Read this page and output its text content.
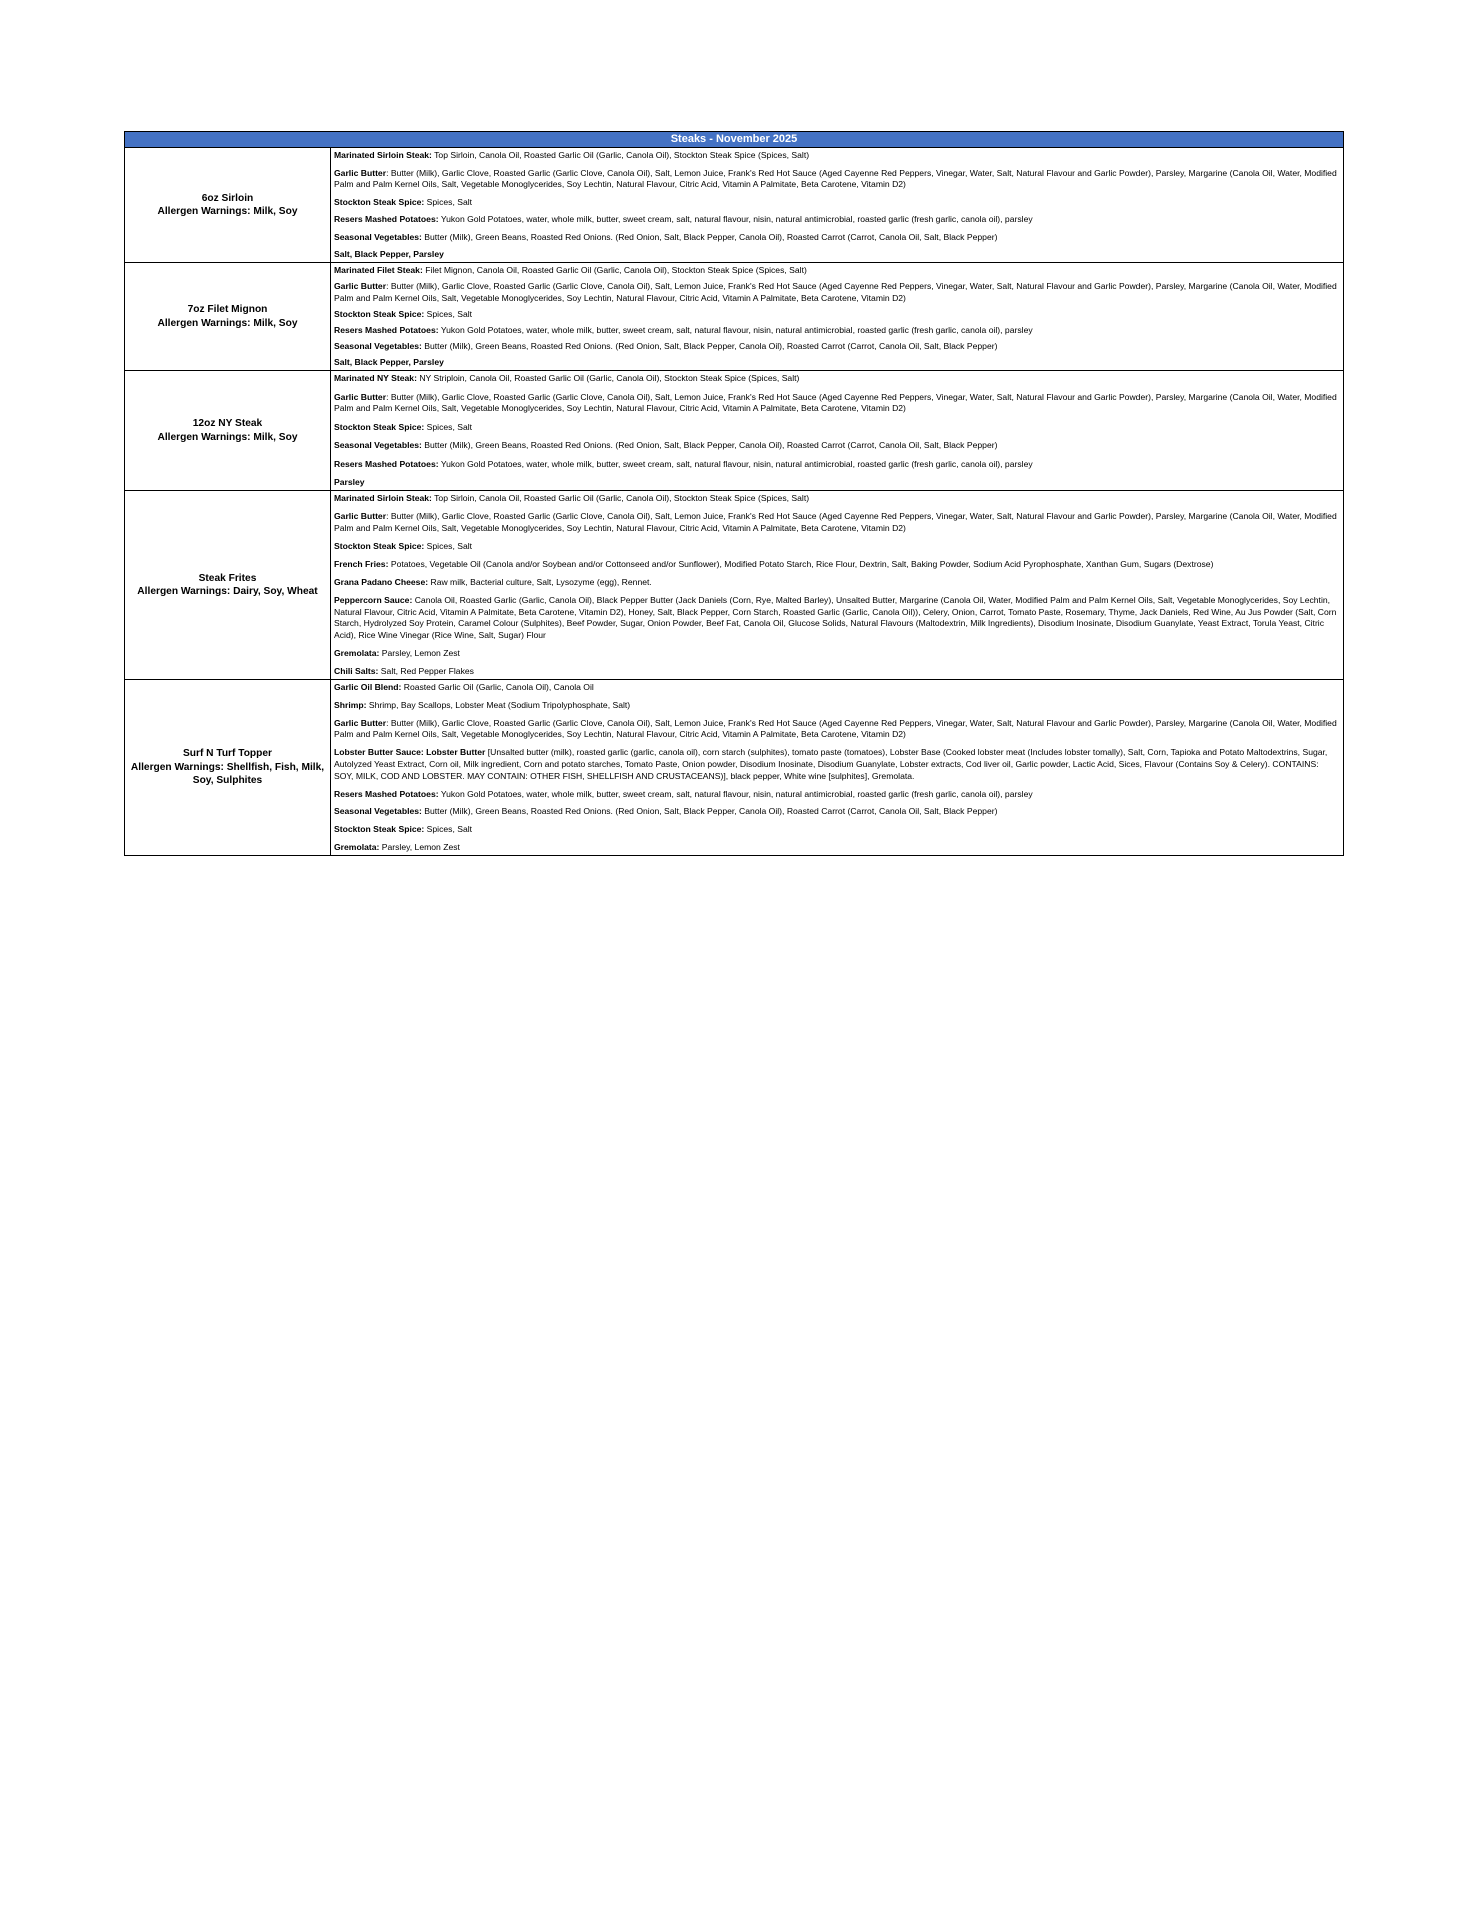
Steaks - November 2025
6oz Sirloin
Allergen Warnings: Milk, Soy

Marinated Sirloin Steak: Top Sirloin, Canola Oil, Roasted Garlic Oil (Garlic, Canola Oil), Stockton Steak Spice (Spices, Salt)

Garlic Butter: Butter (Milk), Garlic Clove, Roasted Garlic (Garlic Clove, Canola Oil), Salt, Lemon Juice, Frank's Red Hot Sauce (Aged Cayenne Red Peppers, Vinegar, Water, Salt, Natural Flavour and Garlic Powder), Parsley, Margarine (Canola Oil, Water, Modified Palm and Palm Kernel Oils, Salt, Vegetable Monoglycerides, Soy Lechtin, Natural Flavour, Citric Acid, Vitamin A Palmitate, Beta Carotene, Vitamin D2)

Stockton Steak Spice: Spices, Salt

Resers Mashed Potatoes: Yukon Gold Potatoes, water, whole milk, butter, sweet cream, salt, natural flavour, nisin, natural antimicrobial, roasted garlic (fresh garlic, canola oil), parsley

Seasonal Vegetables: Butter (Milk), Green Beans, Roasted Red Onions. (Red Onion, Salt, Black Pepper, Canola Oil), Roasted Carrot (Carrot, Canola Oil, Salt, Black Pepper)

Salt, Black Pepper, Parsley

7oz Filet Mignon
Allergen Warnings: Milk, Soy

Marinated Filet Steak: Filet Mignon, Canola Oil, Roasted Garlic Oil (Garlic, Canola Oil), Stockton Steak Spice (Spices, Salt)

Garlic Butter: Butter (Milk), Garlic Clove, Roasted Garlic (Garlic Clove, Canola Oil), Salt, Lemon Juice, Frank's Red Hot Sauce (Aged Cayenne Red Peppers, Vinegar, Water, Salt, Natural Flavour and Garlic Powder), Parsley, Margarine (Canola Oil, Water, Modified Palm and Palm Kernel Oils, Salt, Vegetable Monoglycerides, Soy Lechtin, Natural Flavour, Citric Acid, Vitamin A Palmitate, Beta Carotene, Vitamin D2)

Stockton Steak Spice: Spices, Salt

Resers Mashed Potatoes: Yukon Gold Potatoes, water, whole milk, butter, sweet cream, salt, natural flavour, nisin, natural antimicrobial, roasted garlic (fresh garlic, canola oil), parsley

Seasonal Vegetables: Butter (Milk), Green Beans, Roasted Red Onions. (Red Onion, Salt, Black Pepper, Canola Oil), Roasted Carrot (Carrot, Canola Oil, Salt, Black Pepper)

Salt, Black Pepper, Parsley

12oz NY Steak
Allergen Warnings: Milk, Soy

Marinated NY Steak: NY Striploin, Canola Oil, Roasted Garlic Oil (Garlic, Canola Oil), Stockton Steak Spice (Spices, Salt)

Garlic Butter: Butter (Milk), Garlic Clove, Roasted Garlic (Garlic Clove, Canola Oil), Salt, Lemon Juice, Frank's Red Hot Sauce (Aged Cayenne Red Peppers, Vinegar, Water, Salt, Natural Flavour and Garlic Powder), Parsley, Margarine (Canola Oil, Water, Modified Palm and Palm Kernel Oils, Salt, Vegetable Monoglycerides, Soy Lechtin, Natural Flavour, Citric Acid, Vitamin A Palmitate, Beta Carotene, Vitamin D2)

Stockton Steak Spice: Spices, Salt

Seasonal Vegetables: Butter (Milk), Green Beans, Roasted Red Onions. (Red Onion, Salt, Black Pepper, Canola Oil), Roasted Carrot (Carrot, Canola Oil, Salt, Black Pepper)

Resers Mashed Potatoes: Yukon Gold Potatoes, water, whole milk, butter, sweet cream, salt, natural flavour, nisin, natural antimicrobial, roasted garlic (fresh garlic, canola oil), parsley

Parsley

Steak Frites
Allergen Warnings: Dairy, Soy, Wheat

Marinated Sirloin Steak: Top Sirloin, Canola Oil, Roasted Garlic Oil (Garlic, Canola Oil), Stockton Steak Spice (Spices, Salt)

Garlic Butter: Butter (Milk), Garlic Clove, Roasted Garlic (Garlic Clove, Canola Oil), Salt, Lemon Juice, Frank's Red Hot Sauce (Aged Cayenne Red Peppers, Vinegar, Water, Salt, Natural Flavour and Garlic Powder), Parsley, Margarine (Canola Oil, Water, Modified Palm and Palm Kernel Oils, Salt, Vegetable Monoglycerides, Soy Lechtin, Natural Flavour, Citric Acid, Vitamin A Palmitate, Beta Carotene, Vitamin D2)

Stockton Steak Spice: Spices, Salt

French Fries: Potatoes, Vegetable Oil (Canola and/or Soybean and/or Cottonseed and/or Sunflower), Modified Potato Starch, Rice Flour, Dextrin, Salt, Baking Powder, Sodium Acid Pyrophosphate, Xanthan Gum, Sugars (Dextrose)

Grana Padano Cheese: Raw milk, Bacterial culture, Salt, Lysozyme (egg), Rennet.

Peppercorn Sauce: Canola Oil, Roasted Garlic (Garlic, Canola Oil), Black Pepper Butter (Jack Daniels (Corn, Rye, Malted Barley), Unsalted Butter, Margarine (Canola Oil, Water, Modified Palm and Palm Kernel Oils, Salt, Vegetable Monoglycerides, Soy Lechtin, Natural Flavour, Citric Acid, Vitamin A Palmitate, Beta Carotene, Vitamin D2), Honey, Salt, Black Pepper, Corn Starch, Roasted Garlic (Garlic, Canola Oil)), Celery, Onion, Carrot, Tomato Paste, Rosemary, Thyme, Jack Daniels, Red Wine, Au Jus Powder (Salt, Corn Starch, Hydrolyzed Soy Protein, Caramel Colour (Sulphites), Beef Powder, Sugar, Onion Powder, Beef Fat, Canola Oil, Glucose Solids, Natural Flavours (Maltodextrin, Milk Ingredients), Disodium Inosinate, Disodium Guanylate, Yeast Extract, Torula Yeast, Citric Acid), Rice Wine Vinegar (Rice Wine, Salt, Sugar) Flour

Gremolata: Parsley, Lemon Zest

Chili Salts: Salt, Red Pepper Flakes

Surf N Turf Topper
Allergen Warnings: Shellfish, Fish, Milk, Soy, Sulphites

Garlic Oil Blend: Roasted Garlic Oil (Garlic, Canola Oil), Canola Oil

Shrimp: Shrimp, Bay Scallops, Lobster Meat (Sodium Tripolyphosphate, Salt)

Garlic Butter: Butter (Milk), Garlic Clove, Roasted Garlic (Garlic Clove, Canola Oil), Salt, Lemon Juice, Frank's Red Hot Sauce (Aged Cayenne Red Peppers, Vinegar, Water, Salt, Natural Flavour and Garlic Powder), Parsley, Margarine (Canola Oil, Water, Modified Palm and Palm Kernel Oils, Salt, Vegetable Monoglycerides, Soy Lechtin, Natural Flavour, Citric Acid, Vitamin A Palmitate, Beta Carotene, Vitamin D2)

Lobster Butter Sauce: Lobster Butter [Unsalted butter (milk), roasted garlic (garlic, canola oil), corn starch (sulphites), tomato paste (tomatoes), Lobster Base (Cooked lobster meat (Includes lobster tomally), Salt, Corn, Tapioka and Potato Maltodextrins, Sugar, Autolyzed Yeast Extract, Corn oil, Milk ingredient, Corn and potato starches, Tomato Paste, Onion powder, Disodium Inosinate, Disodium Guanylate, Lobster extracts, Cod liver oil, Garlic powder, Lactic Acid, Sices, Flavour (Contains Soy & Celery). CONTAINS: SOY, MILK, COD AND LOBSTER. MAY CONTAIN: OTHER FISH, SHELLFISH AND CRUSTACEANS)], black pepper, White wine [sulphites], Gremolata.

Resers Mashed Potatoes: Yukon Gold Potatoes, water, whole milk, butter, sweet cream, salt, natural flavour, nisin, natural antimicrobial, roasted garlic (fresh garlic, canola oil), parsley

Seasonal Vegetables: Butter (Milk), Green Beans, Roasted Red Onions. (Red Onion, Salt, Black Pepper, Canola Oil), Roasted Carrot (Carrot, Canola Oil, Salt, Black Pepper)

Stockton Steak Spice: Spices, Salt

Gremolata: Parsley, Lemon Zest
